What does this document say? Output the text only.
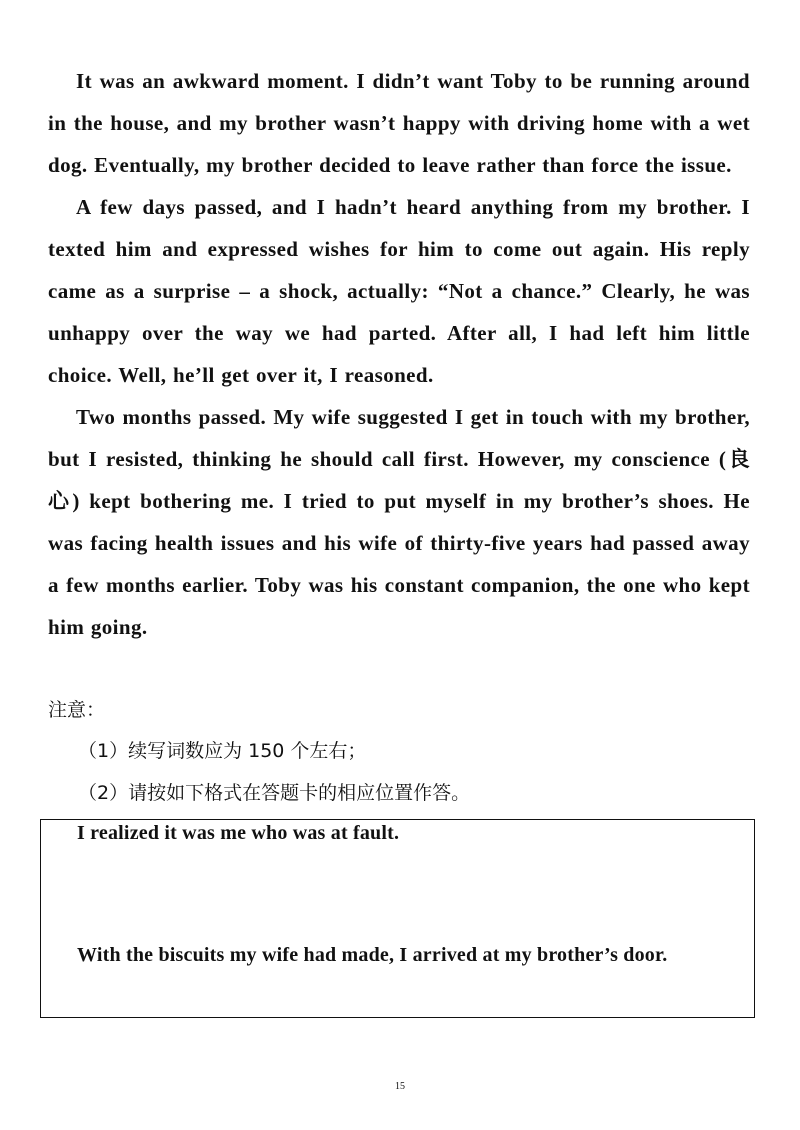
It was an awkward moment. I didn’t want Toby to be running around in the house, and my brother wasn’t happy with driving home with a wet dog. Eventually, my brother decided to leave rather than force the issue.

A few days passed, and I hadn’t heard anything from my brother. I texted him and expressed wishes for him to come out again. His reply came as a surprise – a shock, actually: “Not a chance.” Clearly, he was unhappy over the way we had parted. After all, I had left him little choice. Well, he’ll get over it, I reasoned.

Two months passed. My wife suggested I get in touch with my brother, but I resisted, thinking he should call first. However, my conscience (良心) kept bothering me. I tried to put myself in my brother’s shoes. He was facing health issues and his wife of thirty-five years had passed away a few months earlier. Toby was his constant companion, the one who kept him going.

注意：

（1）续写词数应为 150 个左右；

（2）请按如下格式在答题卡的相应位置作答。

I realized it was me who was at fault.

With the biscuits my wife had made, I arrived at my brother’s door.

15
